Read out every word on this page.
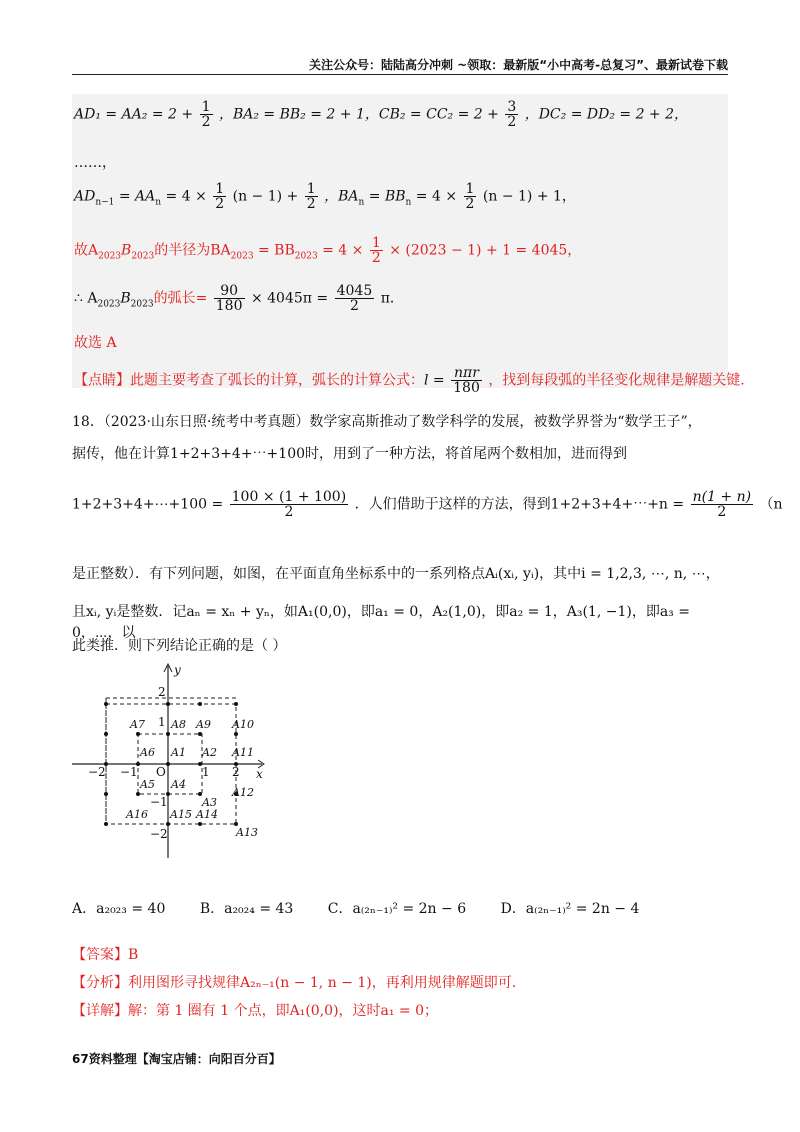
关注公众号：陆陆高分冲刺 ~领取：最新版“小中高考-总复习”、最新试卷下载
$AD_1 = AA_2 = 2 + \frac{1}{2}$ ，BA₂ = BB₂ = 2 + 1，$CB_2 = CC_2 = 2 + \frac{3}{2}$ ，DC₂ = DD₂ = 2 + 2，
……，
$AD_{n-1} = AA_n = 4 \times \frac{1}{2} (n - 1) + \frac{1}{2}$ ，$BA_n = BB_n = 4 \times \frac{1}{2} (n - 1) + 1$，
故$A_{2023}B_{2023}$的半径为$BA_{2023} = BB_{2023} = 4 \times \frac{1}{2} \times (2023 - 1) + 1 = 4045$，
∴ $A_{2023}B_{2023}$的弧长= $\frac{90}{180} \times 4045\pi = \frac{4045}{2}$ π．
故选 A
【点睛】此题主要考查了弧长的计算，弧长的计算公式：$l = \frac{\text{nπr}}{180}$ ，找到每段弧的半径变化规律是解题关键.
18．（2023·山东日照·统考中考真题）数学家高斯推动了数学科学的发展，被数学界誉为“数学王子”，
据传，他在计算1+2+3+4+⋯+100时，用到了一种方法，将首尾两个数相加，进而得到
1+2+3+4+⋯+100 = $\frac{100 \times (1 + 100)}{2}$ ．人们借助于这样的方法，得到1+2+3+4+⋯+n = $\frac{n(1 + n)}{2} (n$
是正整数）．有下列问题，如图，在平面直角坐标系中的一系列格点Aᵢ(xᵢ, yᵢ)，其中i = 1,2,3, ⋯, n, ⋯，
且xᵢ, yᵢ是整数．记aₙ = xₙ + yₙ，如A₁(0,0)，即a₁ = 0，A₂(1,0)，即a₂ = 1，A₃(1, −1)，即a₃ = 0，⋯，以
此类推．则下列结论正确的是（ ）
x
y
O
−2 −1	1 2
2
1
−1
−2
A1 A2
A3
A4
A5
A6
A7 A8 A9 A10
A11
A12
A13
A14
A15
A16
A．a₂₀₂₃ = 40 B．a₂₀₂₄ = 43 C．a₍₂ₙ₋₁₎² = 2n − 6 D．a₍₂ₙ₋₁₎² = 2n − 4
【答案】B
【分析】利用图形寻找规律A₂ₙ₋₁(n − 1, n − 1)，再利用规律解题即可.
【详解】解：第 1 圈有 1 个点，即A₁(0,0)，这时a₁ = 0；
67资料整理【淘宝店铺：向阳百分百】
